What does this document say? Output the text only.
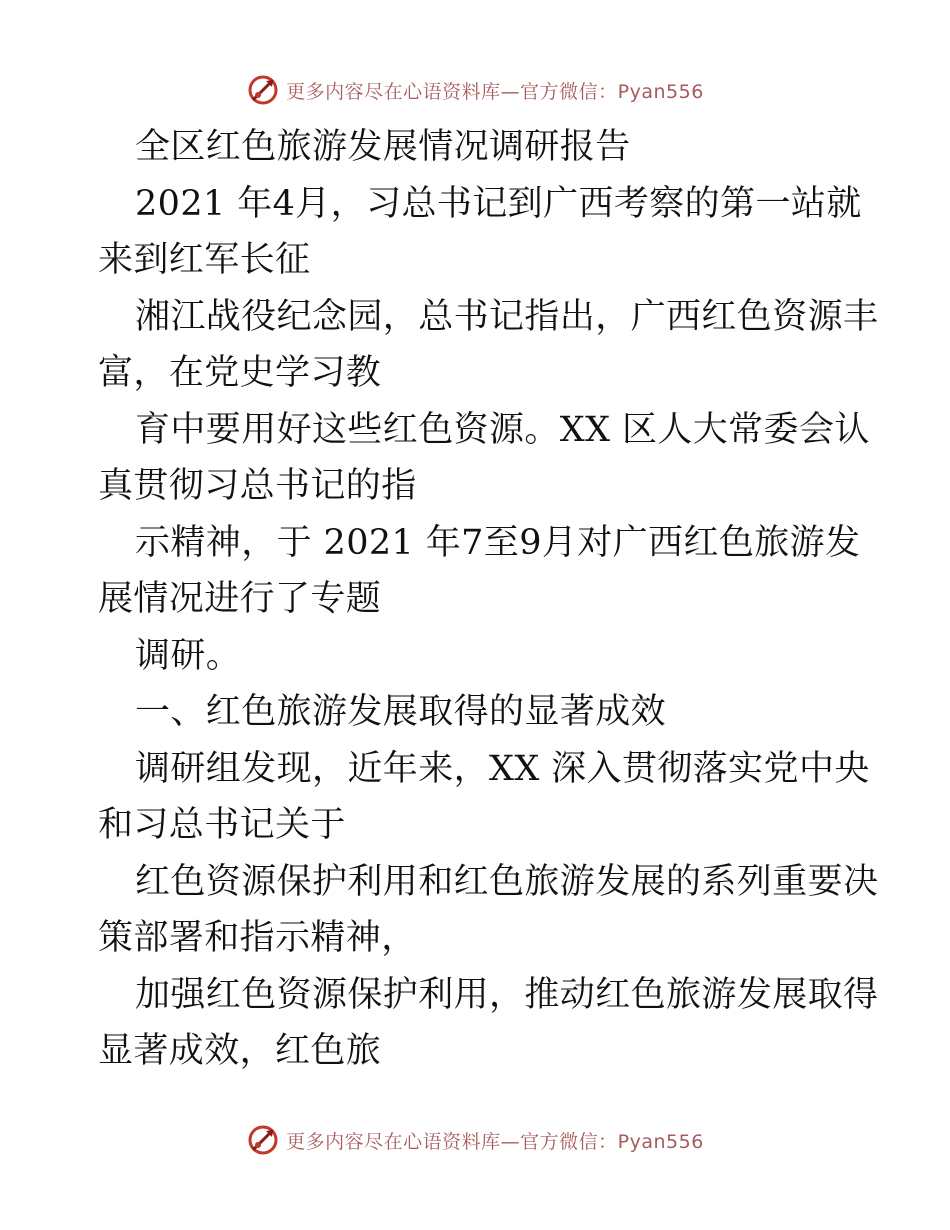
更多内容尽在心语资料库—官方微信：Pyan556
全区红色旅游发展情况调研报告
2021 年4月，习总书记到广西考察的第一站就
来到红军长征
湘江战役纪念园，总书记指出，广西红色资源丰
富，在党史学习教
育中要用好这些红色资源。XX 区人大常委会认
真贯彻习总书记的指
示精神，于 2021 年7至9月对广西红色旅游发
展情况进行了专题
调研。
一、红色旅游发展取得的显著成效
调研组发现，近年来，XX 深入贯彻落实党中央
和习总书记关于
红色资源保护利用和红色旅游发展的系列重要决
策部署和指示精神，
加强红色资源保护利用，推动红色旅游发展取得
显著成效，红色旅
更多内容尽在心语资料库—官方微信：Pyan556
